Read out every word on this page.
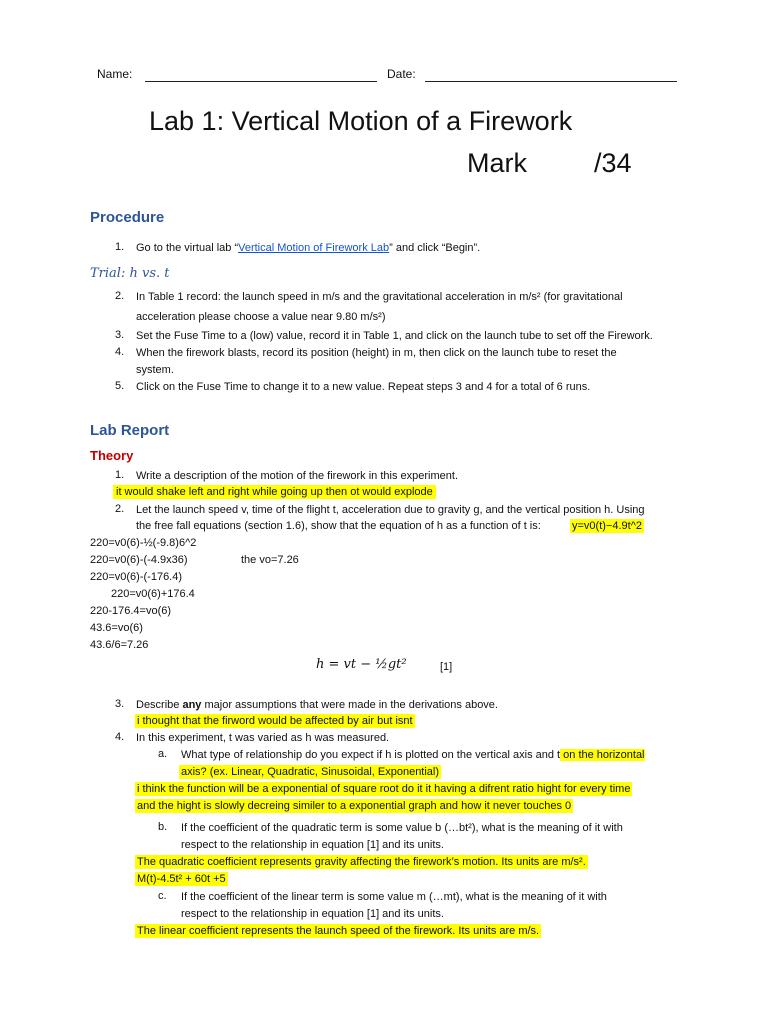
Name:	Date:
Lab 1: Vertical Motion of a Firework
Mark /34
Procedure
1. Go to the virtual lab “Vertical Motion of Firework Lab” and click “Begin”.
Trial: h vs. t
2. In Table 1 record: the launch speed in m/s and the gravitational acceleration in m/s² (for gravitational
acceleration please choose a value near 9.80 m/s²)
3. Set the Fuse Time to a (low) value, record it in Table 1, and click on the launch tube to set off the Firework.
4. When the firework blasts, record its position (height) in m, then click on the launch tube to reset the
system.
5. Click on the Fuse Time to change it to a new value. Repeat steps 3 and 4 for a total of 6 runs.
Lab Report
Theory
1. Write a description of the motion of the firework in this experiment.
it would shake left and right while going up then ot would explode
2. Let the launch speed v, time of the flight t, acceleration due to gravity g, and the vertical position h. Using
the free fall equations (section 1.6), show that the equation of h as a function of t is:	y=v0(t)−4.9t^2
220=v0(6)-½(-9.8)6^2
220=v0(6)-(-4.9x36)	the vo=7.26
220=v0(6)-(-176.4)
220=v0(6)+176.4
220-176.4=vo(6)
43.6=vo(6)
43.6/6=7.26
h = vt − ½gt²	[1]
3. Describe any major assumptions that were made in the derivations above.
i thought that the firword would be affected by air but isnt
4. In this experiment, t was varied as h was measured.
a. What type of relationship do you expect if h is plotted on the vertical axis and t on the horizontal
axis? (ex. Linear, Quadratic, Sinusoidal, Exponential)
i think the function will be a exponential of square root do it it having a difrent ratio hight for every time
and the hight is slowly decreing similer to a exponential graph and how it never touches 0
b. If the coefficient of the quadratic term is some value b (…bt²), what is the meaning of it with
respect to the relationship in equation [1] and its units.
The quadratic coefficient represents gravity affecting the firework’s motion. Its units are m/s².
M(t)-4.5t² + 60t +5
c. If the coefficient of the linear term is some value m (…mt), what is the meaning of it with
respect to the relationship in equation [1] and its units.
The linear coefficient represents the launch speed of the firework. Its units are m/s.
